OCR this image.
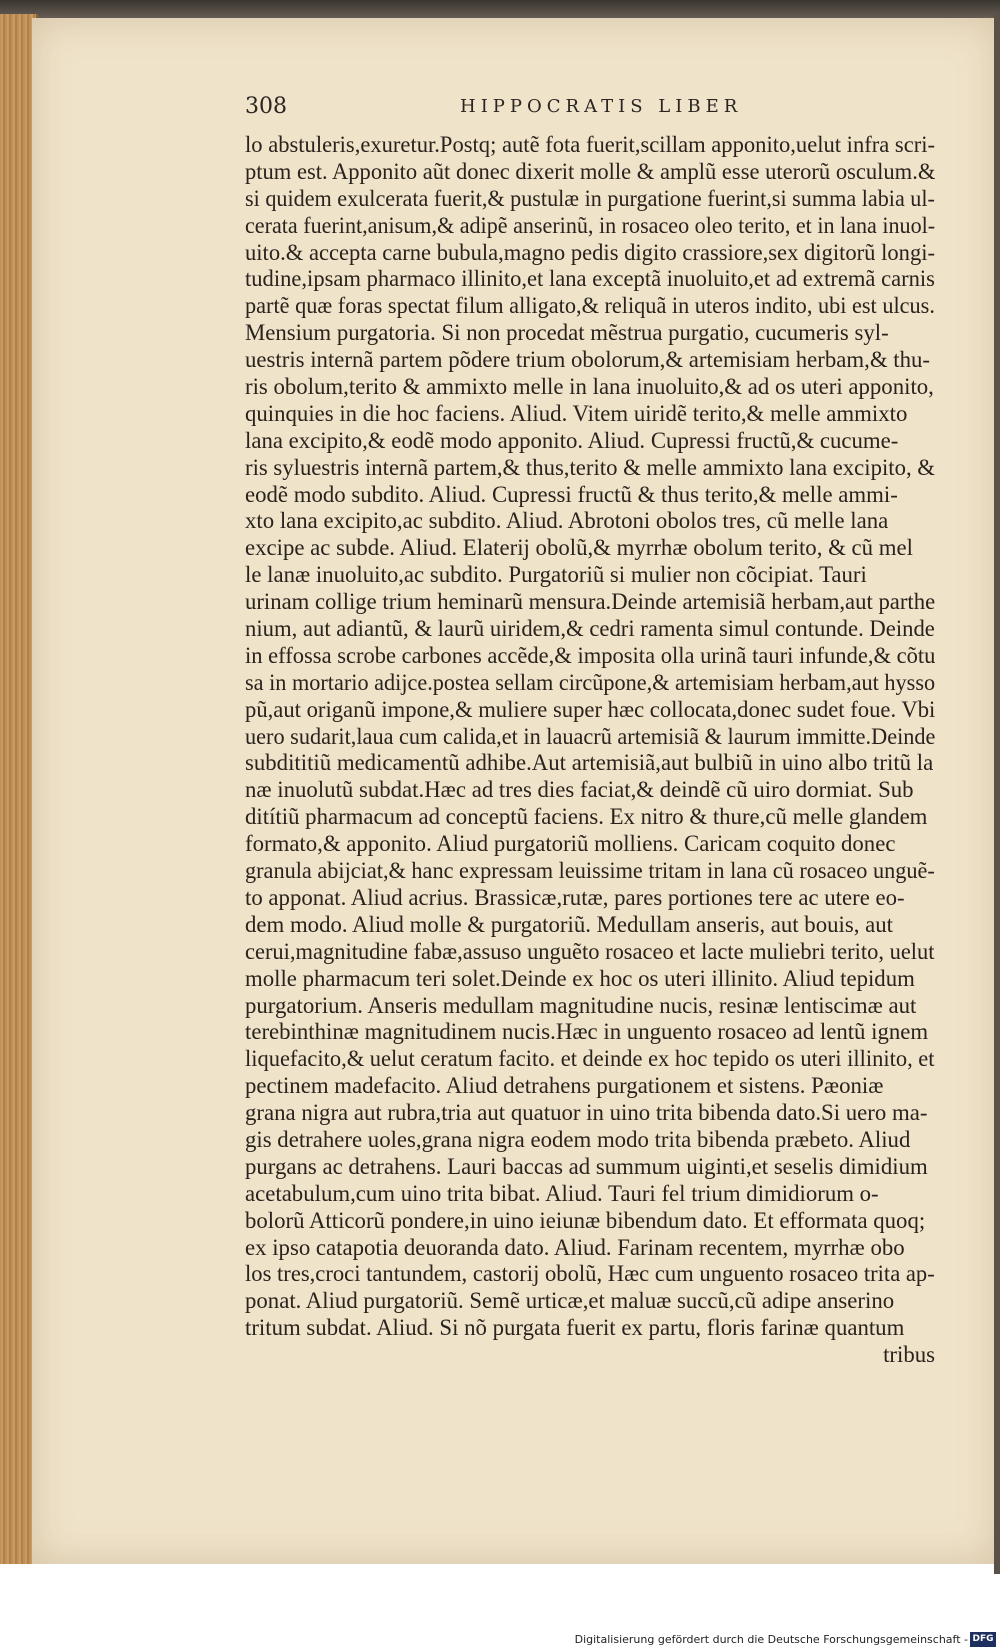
308	HIPPOCRATIS LIBER
lo abstuleris,exuretur.Postq; autẽ fota fuerit,scillam apponito,uelut infra scri-
ptum est. Apponito aũt donec dixerit molle & amplũ esse uterorũ osculum.&
si quidem exulcerata fuerit,& pustulæ in purgatione fuerint,si summa labia ul-
cerata fuerint,anisum,& adipẽ anserinũ, in rosaceo oleo terito, et in lana inuol-
uito.& accepta carne bubula,magno pedis digito crassiore,sex digitorũ longi-
tudine,ipsam pharmaco illinito,et lana exceptã inuoluito,et ad extremã carnis
partẽ quæ foras spectat filum alligato,& reliquã in uteros indito, ubi est ulcus.
Mensium purgatoria. Si non procedat mẽstrua purgatio, cucumeris syl-
uestris internã partem põdere trium obolorum,& artemisiam herbam,& thu-
ris obolum,terito & ammixto melle in lana inuoluito,& ad os uteri apponito,
quinquies in die hoc faciens. Aliud. Vitem uiridẽ terito,& melle ammixto
lana excipito,& eodẽ modo apponito. Aliud. Cupressi fructũ,& cucume-
ris syluestris internã partem,& thus,terito & melle ammixto lana excipito, &
eodẽ modo subdito. Aliud. Cupressi fructũ & thus terito,& melle ammi-
xto lana excipito,ac subdito. Aliud. Abrotoni obolos tres, cũ melle lana
excipe ac subde. Aliud. Elaterij obolũ,& myrrhæ obolum terito, & cũ mel
le lanæ inuoluito,ac subdito. Purgatoriũ si mulier non cõcipiat. Tauri
urinam collige trium heminarũ mensura.Deinde artemisiã herbam,aut parthe
nium, aut adiantũ, & laurũ uiridem,& cedri ramenta simul contunde. Deinde
in effossa scrobe carbones accẽde,& imposita olla urinã tauri infunde,& cõtu
sa in mortario adijce.postea sellam circũpone,& artemisiam herbam,aut hysso
pũ,aut origanũ impone,& muliere super hæc collocata,donec sudet foue. Vbi
uero sudarit,laua cum calida,et in lauacrũ artemisiã & laurum immitte.Deinde
subdititiũ medicamentũ adhibe.Aut artemisiã,aut bulbiũ in uino albo tritũ la
næ inuolutũ subdat.Hæc ad tres dies faciat,& deindẽ cũ uiro dormiat. Sub
ditítiũ pharmacum ad conceptũ faciens. Ex nitro & thure,cũ melle glandem
formato,& apponito. Aliud purgatoriũ molliens. Caricam coquito donec
granula abijciat,& hanc expressam leuissime tritam in lana cũ rosaceo unguẽ-
to apponat. Aliud acrius. Brassicæ,rutæ, pares portiones tere ac utere eo-
dem modo. Aliud molle & purgatoriũ. Medullam anseris, aut bouis, aut
cerui,magnitudine fabæ,assuso unguẽto rosaceo et lacte muliebri terito, uelut
molle pharmacum teri solet.Deinde ex hoc os uteri illinito. Aliud tepidum
purgatorium. Anseris medullam magnitudine nucis, resinæ lentisсimæ aut
terebinthinæ magnitudinem nucis.Hæc in unguento rosaceo ad lentũ ignem
liquefacito,& uelut ceratum facito. et deinde ex hoc tepido os uteri illinito, et
pectinem madefacito. Aliud detrahens purgationem et sistens. Pæoniæ
grana nigra aut rubra,tria aut quatuor in uino trita bibenda dato.Si uero ma-
gis detrahere uoles,grana nigra eodem modo trita bibenda præbeto. Aliud
purgans ac detrahens. Lauri baccas ad summum uiginti,et seselis dimidium
acetabulum,cum uino trita bibat. Aliud. Tauri fel trium dimidiorum o-
bolorũ Atticorũ pondere,in uino ieiunæ bibendum dato. Et efformata quoq;
ex ipso catapotia deuoranda dato. Aliud. Farinam recentem, myrrhæ obo
los tres,croci tantundem, castorij obolũ, Hæc cum unguento rosaceo trita ap-
ponat. Aliud purgatoriũ. Semẽ urticæ,et maluæ succũ,cũ adipe anserino
tritum subdat. Aliud. Si nõ purgata fuerit ex partu, floris farinæ quantum
tribus
Digitalisierung gefördert durch die Deutsche Forschungsgemeinschaft - DFG
